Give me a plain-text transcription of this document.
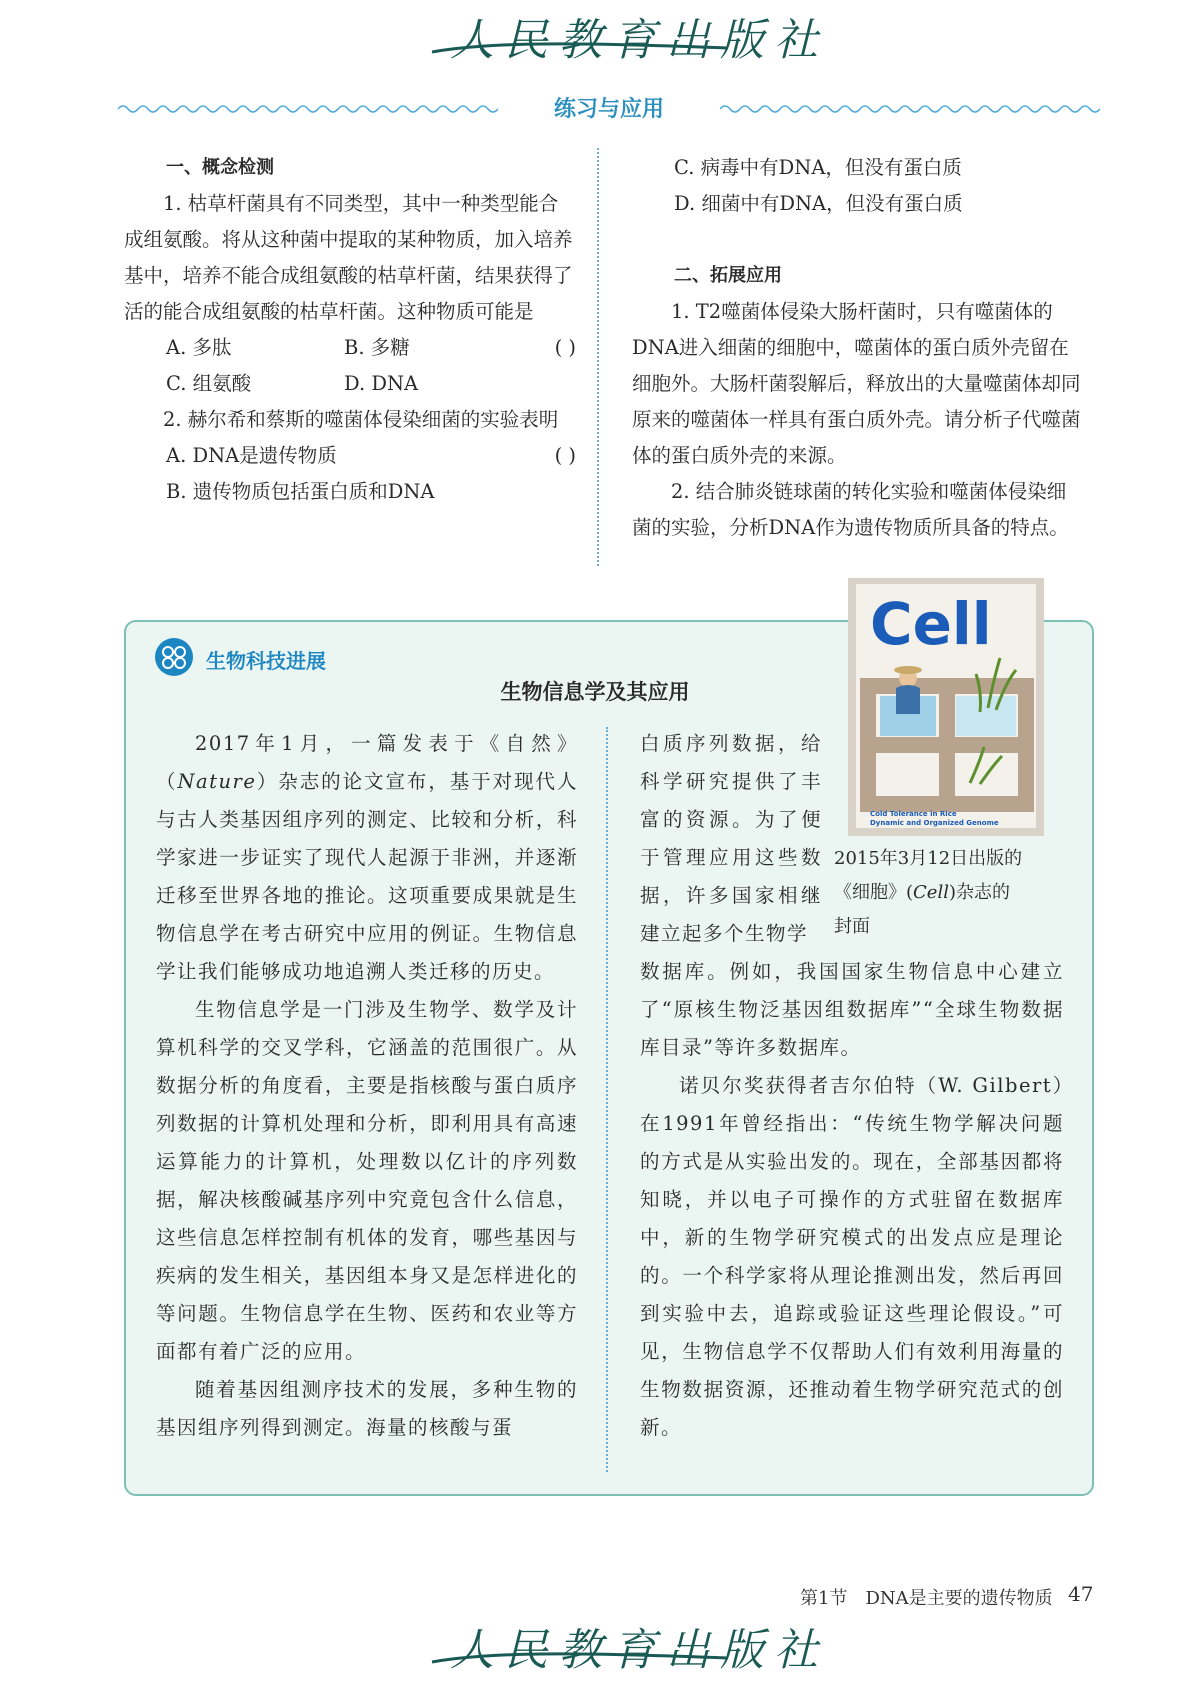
人民教育出版社
练习与应用

一、概念检测

1. 枯草杆菌具有不同类型，其中一种类型能合成组氨酸。将从这种菌中提取的某种物质，加入培养基中，培养不能合成组氨酸的枯草杆菌，结果获得了活的能合成组氨酸的枯草杆菌。这种物质可能是
( )

A. 多肽	B. 多糖
C. 组氨酸	D. DNA

2. 赫尔希和蔡斯的噬菌体侵染细菌的实验表明
( )

A. DNA是遗传物质

B. 遗传物质包括蛋白质和DNA

C. 病毒中有DNA，但没有蛋白质

D. 细菌中有DNA，但没有蛋白质

二、拓展应用

1. T2噬菌体侵染大肠杆菌时，只有噬菌体的DNA进入细菌的细胞中，噬菌体的蛋白质外壳留在细胞外。大肠杆菌裂解后，释放出的大量噬菌体却同原来的噬菌体一样具有蛋白质外壳。请分析子代噬菌体的蛋白质外壳的来源。

2. 结合肺炎链球菌的转化实验和噬菌体侵染细菌的实验，分析DNA作为遗传物质所具备的特点。

生物科技进展
生物信息学及其应用

2017年1月，一篇发表于《自然》（Nature）杂志的论文宣布，基于对现代人与古人类基因组序列的测定、比较和分析，科学家进一步证实了现代人起源于非洲，并逐渐迁移至世界各地的推论。这项重要成果就是生物信息学在考古研究中应用的例证。生物信息学让我们能够成功地追溯人类迁移的历史。

生物信息学是一门涉及生物学、数学及计算机科学的交叉学科，它涵盖的范围很广。从数据分析的角度看，主要是指核酸与蛋白质序列数据的计算机处理和分析，即利用具有高速运算能力的计算机，处理数以亿计的序列数据，解决核酸碱基序列中究竟包含什么信息，这些信息怎样控制有机体的发育，哪些基因与疾病的发生相关，基因组本身又是怎样进化的等问题。生物信息学在生物、医药和农业等方面都有着广泛的应用。

随着基因组测序技术的发展，多种生物的基因组序列得到测定。海量的核酸与蛋

白质序列数据，给科学研究提供了丰富的资源。为了便于管理应用这些数据，许多国家相继建立起多个生物学
Cell
Cold Tolerance in Rice
Dynamic and Organized Genome
2015年3月12日出版的
《细胞》(Cell)杂志的
封面

数据库。例如，我国国家生物信息中心建立了“原核生物泛基因组数据库”“全球生物数据库目录”等许多数据库。

诺贝尔奖获得者吉尔伯特（W. Gilbert）在1991年曾经指出：“传统生物学解决问题的方式是从实验出发的。现在，全部基因都将知晓，并以电子可操作的方式驻留在数据库中，新的生物学研究模式的出发点应是理论的。一个科学家将从理论推测出发，然后再回到实验中去，追踪或验证这些理论假设。”可见，生物信息学不仅帮助人们有效利用海量的生物数据资源，还推动着生物学研究范式的创新。

第1节　DNA是主要的遗传物质 47
人民教育出版社
